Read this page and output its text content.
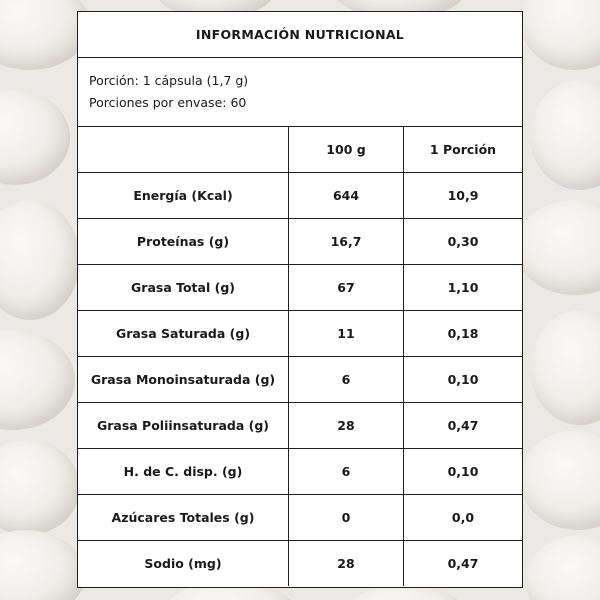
INFORMACIÓN NUTRICIONAL
Porción: 1 cápsula (1,7 g)
Porciones por envase: 60
	100 g	1 Porción
Energía (Kcal)	644	10,9
Proteínas (g)	16,7	0,30
Grasa Total (g)	67	1,10
Grasa Saturada (g)	11	0,18
Grasa Monoinsaturada (g)	6	0,10
Grasa Poliinsaturada (g)	28	0,47
H. de C. disp. (g)	6	0,10
Azúcares Totales (g)	0	0,0
Sodio (mg)	28	0,47
